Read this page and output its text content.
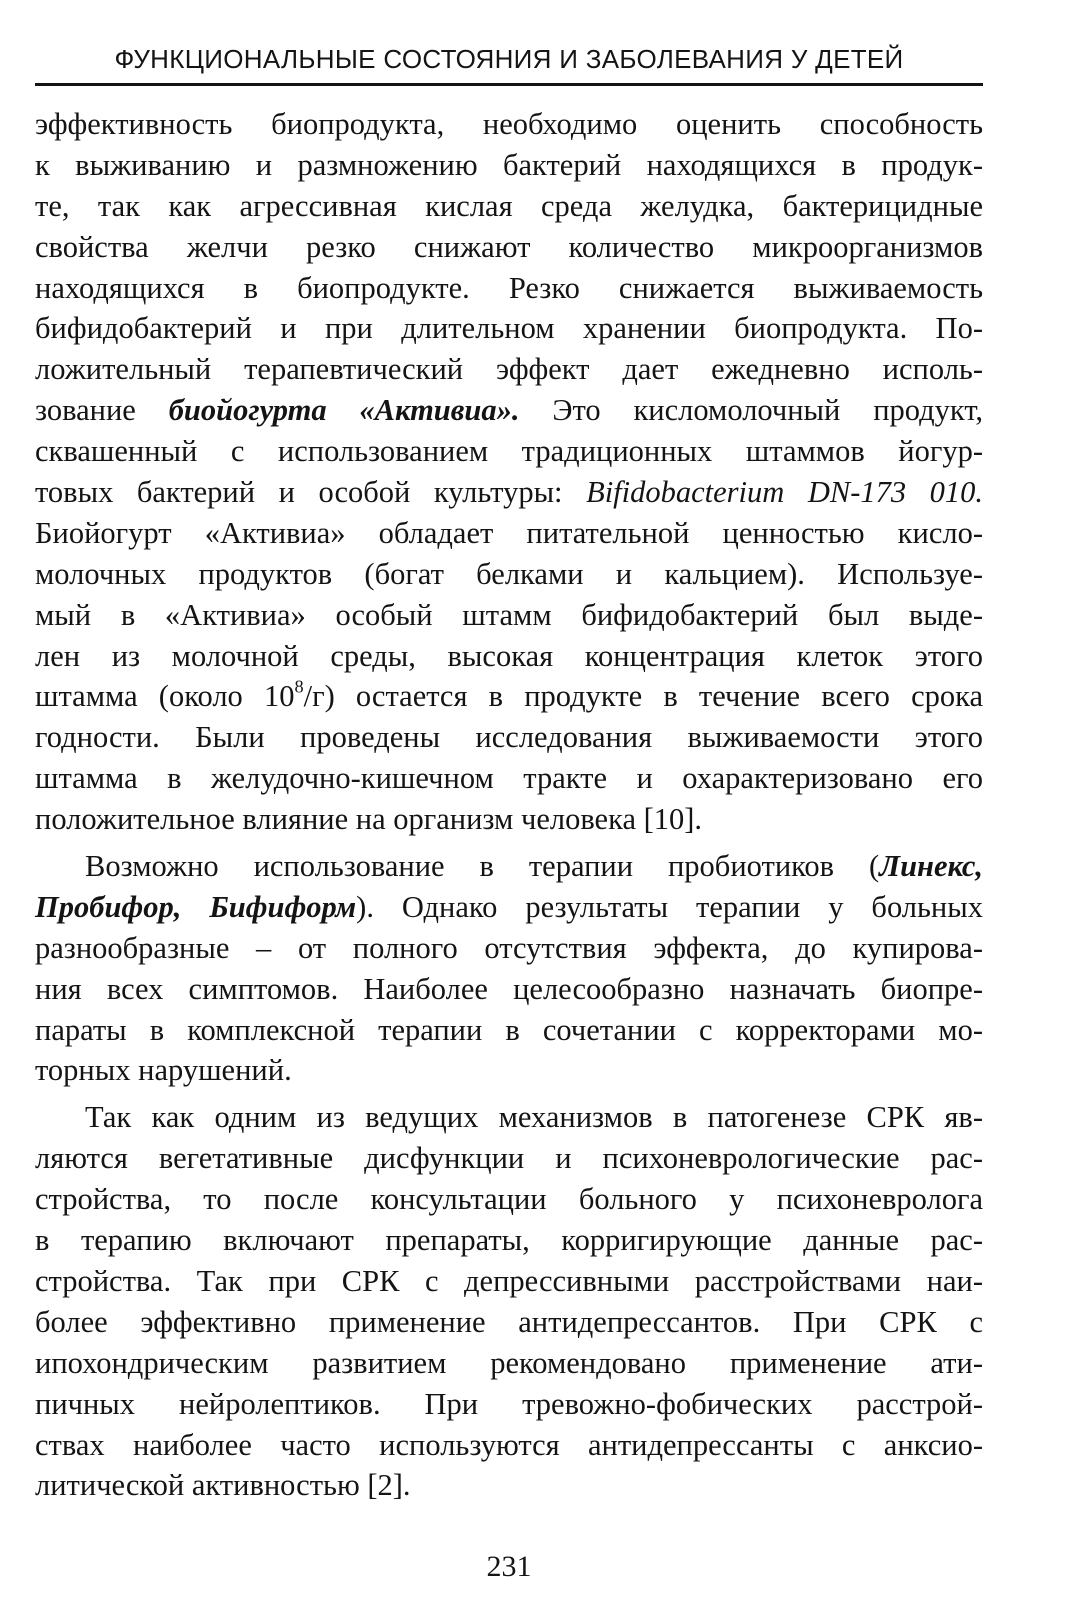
ФУНКЦИОНАЛЬНЫЕ СОСТОЯНИЯ И ЗАБОЛЕВАНИЯ У ДЕТЕЙ
эффективность биопродукта, необходимо оценить способность
к выживанию и размножению бактерий находящихся в продук-
те, так как агрессивная кислая среда желудка, бактерицидные
свойства желчи резко снижают количество микроорганизмов
находящихся в биопродукте. Резко снижается выживаемость
бифидобактерий и при длительном хранении биопродукта. По-
ложительный терапевтический эффект дает ежедневно исполь-
зование биойогурта «Активиа». Это кисломолочный продукт,
сквашенный с использованием традиционных штаммов йогур-
товых бактерий и особой культуры: Bifidobacterium DN-173 010.
Биойогурт «Активиа» обладает питательной ценностью кисло-
молочных продуктов (богат белками и кальцием). Используе-
мый в «Активиа» особый штамм бифидобактерий был выде-
лен из молочной среды, высокая концентрация клеток этого
штамма (около $10^8/г$) остается в продукте в течение всего срока
годности. Были проведены исследования выживаемости этого
штамма в желудочно-кишечном тракте и охарактеризовано его
положительное влияние на организм человека [10].
Возможно использование в терапии пробиотиков (Линекс,
Пробифор, Бифиформ). Однако результаты терапии у больных
разнообразные – от полного отсутствия эффекта, до купирова-
ния всех симптомов. Наиболее целесообразно назначать биопре-
параты в комплексной терапии в сочетании с корректорами мо-
торных нарушений.
Так как одним из ведущих механизмов в патогенезе СРК яв-
ляются вегетативные дисфункции и психоневрологические рас-
стройства, то после консультации больного у психоневролога
в терапию включают препараты, корригирующие данные рас-
стройства. Так при СРК с депрессивными расстройствами наи-
более эффективно применение антидепрессантов. При СРК с
ипохондрическим развитием рекомендовано применение ати-
пичных нейролептиков. При тревожно-фобических расстрой-
ствах наиболее часто используются антидепрессанты с анксио-
литической активностью [2].
231
